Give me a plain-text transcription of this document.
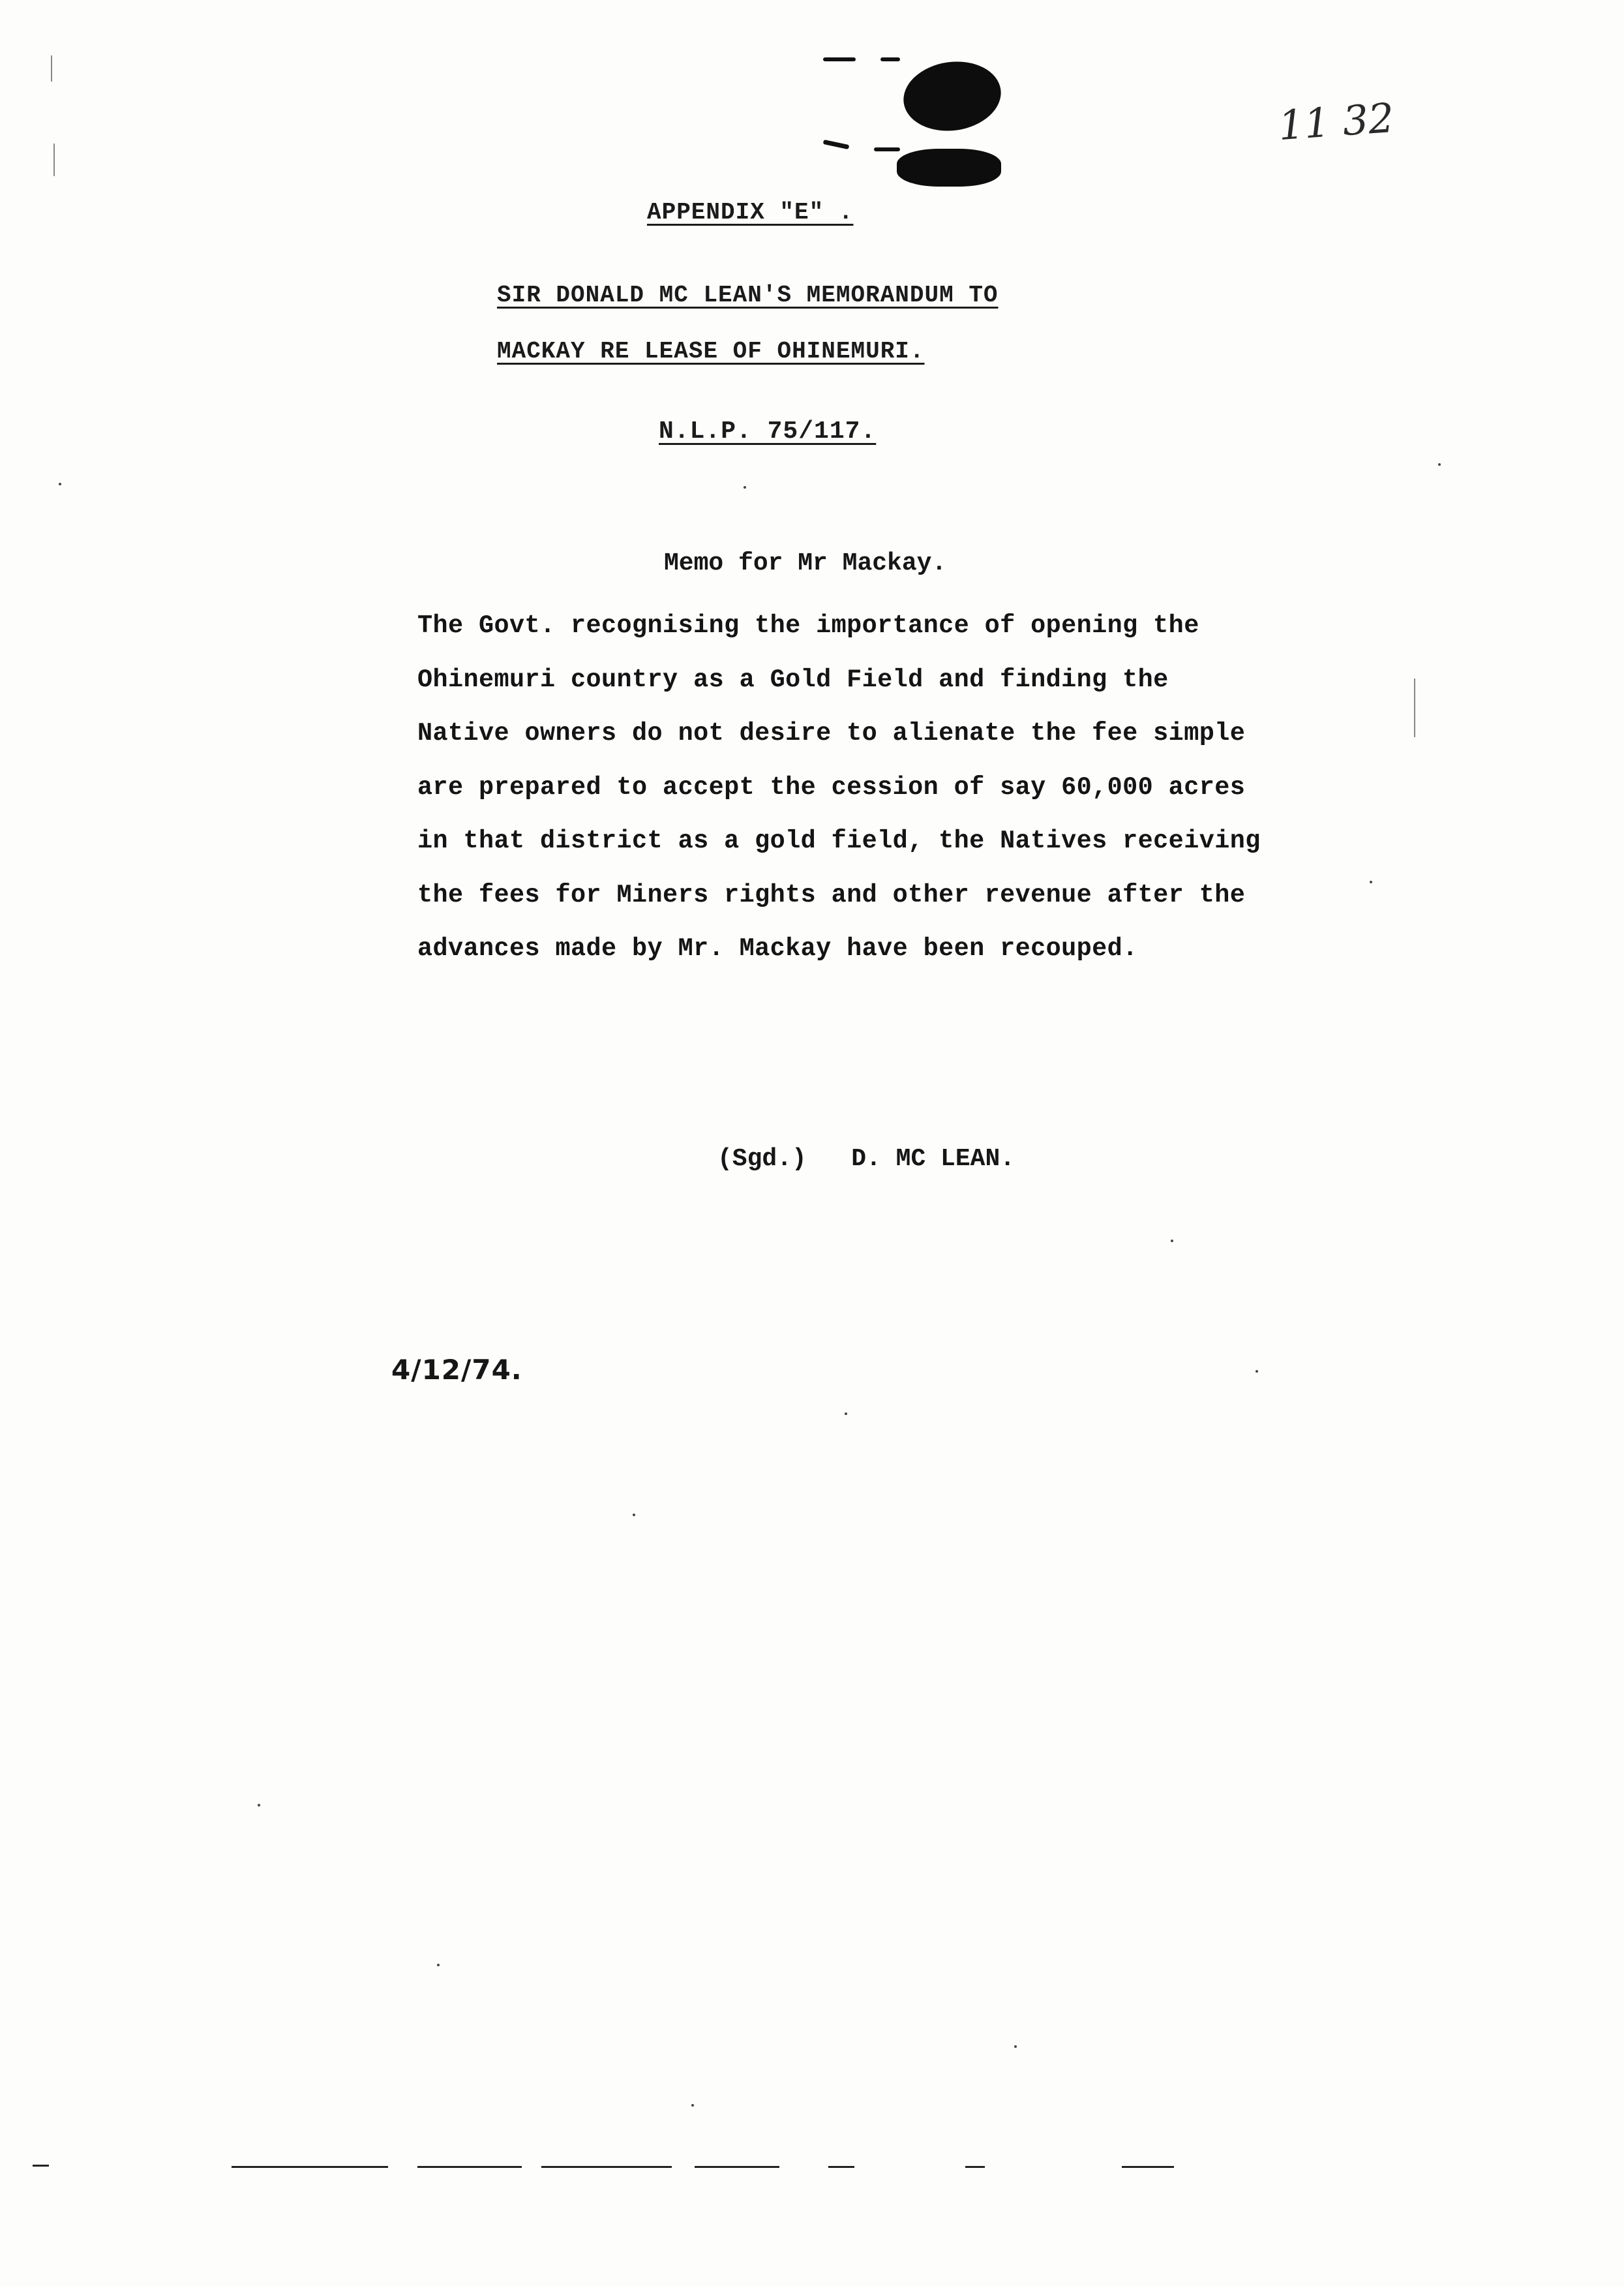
11 32
APPENDIX "E" .
SIR DONALD MC LEAN'S MEMORANDUM TO
MACKAY RE LEASE OF OHINEMURI.
N.L.P. 75/117.
Memo for Mr Mackay.
The Govt. recognising the importance of opening the
Ohinemuri country as a Gold Field and finding the
Native owners do not desire to alienate the fee simple
are prepared to accept the cession of say 60,000 acres
in that district as a gold field, the Natives receiving
the fees for Miners rights and other revenue after the
advances made by Mr. Mackay have been recouped.
(Sgd.)   D. MC LEAN.
4/12/74.
